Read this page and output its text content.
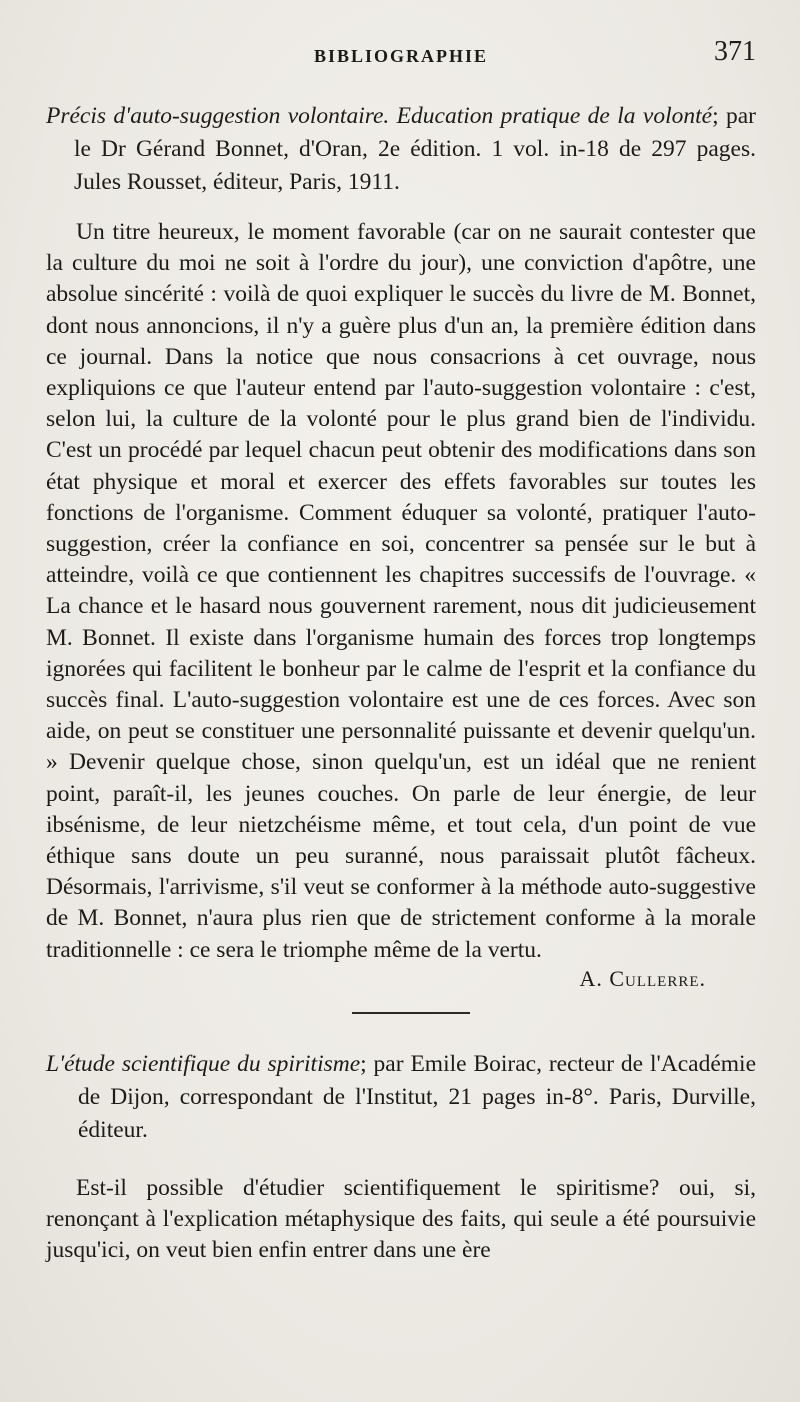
BIBLIOGRAPHIE	371
Précis d'auto-suggestion volontaire. Education pratique de la volonté; par le Dr Gérand Bonnet, d'Oran, 2e édition. 1 vol. in-18 de 297 pages. Jules Rousset, éditeur, Paris, 1911.

Un titre heureux, le moment favorable (car on ne saurait contester que la culture du moi ne soit à l'ordre du jour), une conviction d'apôtre, une absolue sincérité : voilà de quoi expliquer le succès du livre de M. Bonnet, dont nous annoncions, il n'y a guère plus d'un an, la première édition dans ce journal. Dans la notice que nous consacrions à cet ouvrage, nous expliquions ce que l'auteur entend par l'auto-suggestion volontaire : c'est, selon lui, la culture de la volonté pour le plus grand bien de l'individu. C'est un procédé par lequel chacun peut obtenir des modifications dans son état physique et moral et exercer des effets favorables sur toutes les fonctions de l'organisme. Comment éduquer sa volonté, pratiquer l'auto-suggestion, créer la confiance en soi, concentrer sa pensée sur le but à atteindre, voilà ce que contiennent les chapitres successifs de l'ouvrage. « La chance et le hasard nous gouvernent rarement, nous dit judicieusement M. Bonnet. Il existe dans l'organisme humain des forces trop longtemps ignorées qui facilitent le bonheur par le calme de l'esprit et la confiance du succès final. L'auto-suggestion volontaire est une de ces forces. Avec son aide, on peut se constituer une personnalité puissante et devenir quelqu'un. » Devenir quelque chose, sinon quelqu'un, est un idéal que ne renient point, paraît-il, les jeunes couches. On parle de leur énergie, de leur ibsénisme, de leur nietzchéisme même, et tout cela, d'un point de vue éthique sans doute un peu suranné, nous paraissait plutôt fâcheux. Désormais, l'arrivisme, s'il veut se conformer à la méthode auto-suggestive de M. Bonnet, n'aura plus rien que de strictement conforme à la morale traditionnelle : ce sera le triomphe même de la vertu.

A. Cullerre.
L'étude scientifique du spiritisme; par Emile Boirac, recteur de l'Académie de Dijon, correspondant de l'Institut, 21 pages in-8°. Paris, Durville, éditeur.

Est-il possible d'étudier scientifiquement le spiritisme? oui, si, renonçant à l'explication métaphysique des faits, qui seule a été poursuivie jusqu'ici, on veut bien enfin entrer dans une ère
